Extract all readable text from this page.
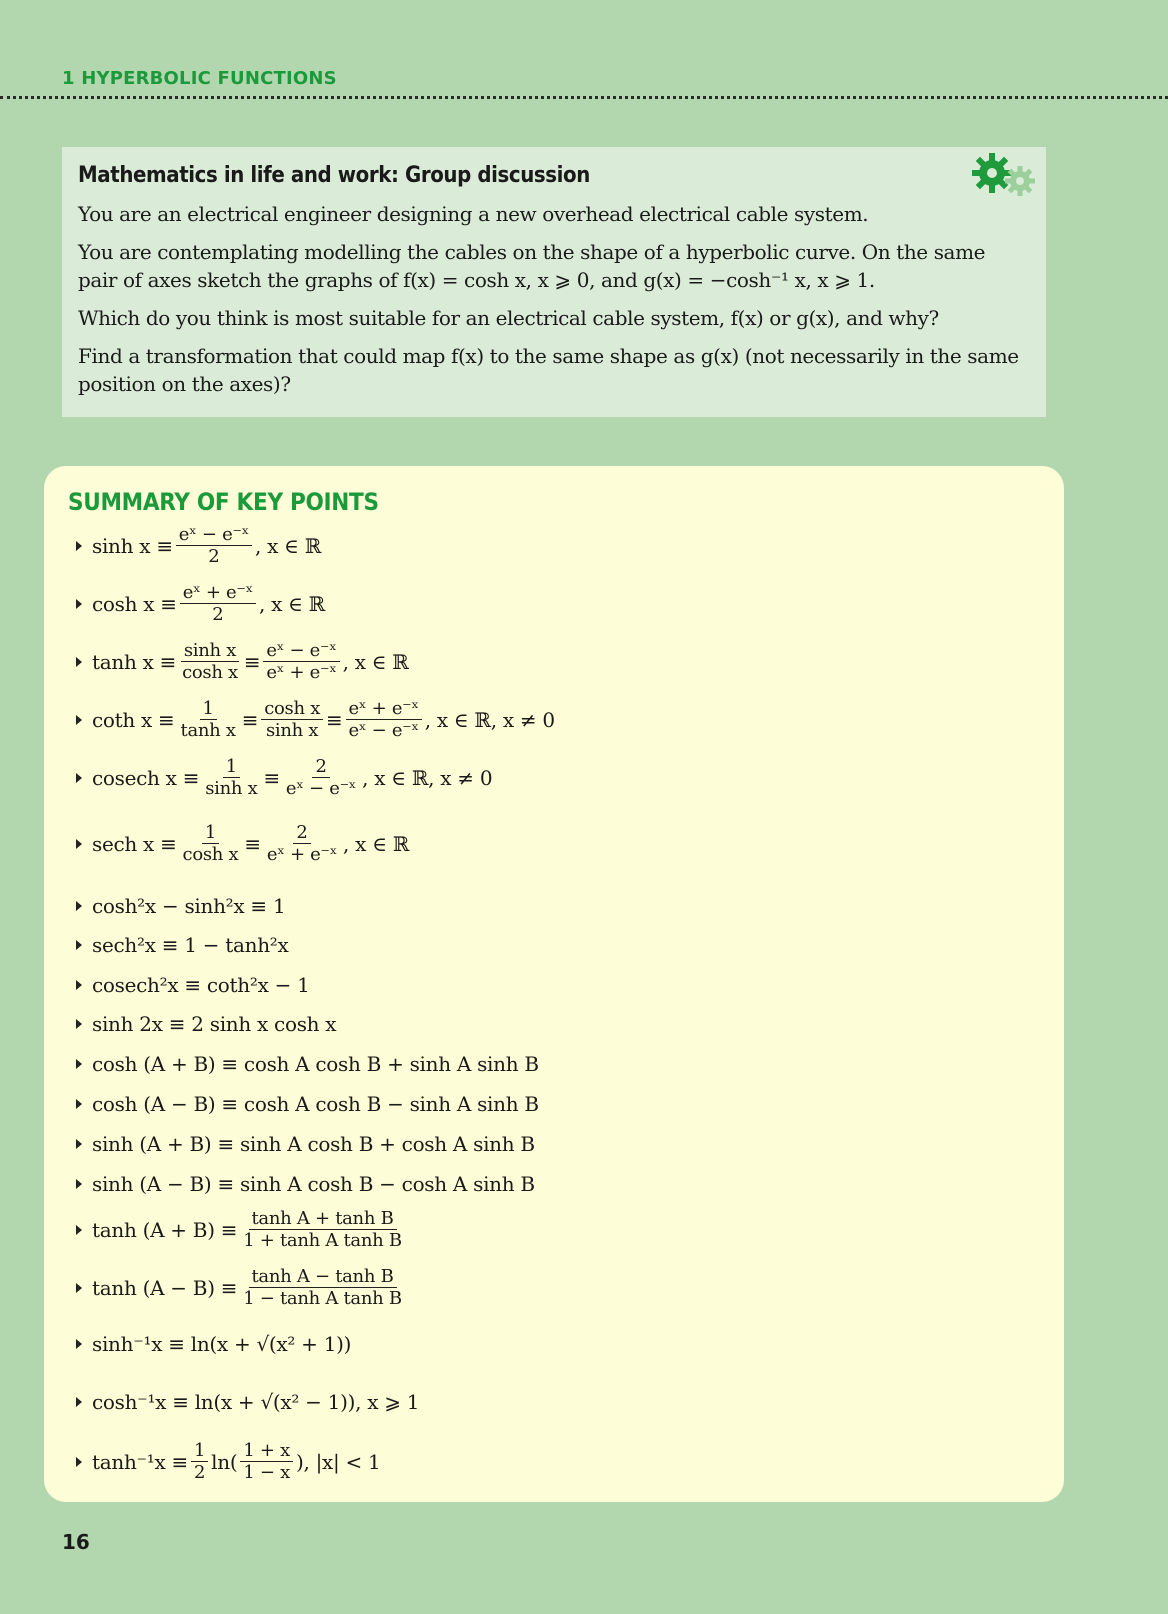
1 HYPERBOLIC FUNCTIONS
Mathematics in life and work: Group discussion

You are an electrical engineer designing a new overhead electrical cable system.

You are contemplating modelling the cables on the shape of a hyperbolic curve. On the same pair of axes sketch the graphs of f(x) = cosh x, x ⩾ 0, and g(x) = −cosh⁻¹ x, x ⩾ 1.

Which do you think is most suitable for an electrical cable system, f(x) or g(x), and why?

Find a transformation that could map f(x) to the same shape as g(x) (not necessarily in the same position on the axes)?

SUMMARY OF KEY POINTS
$\sinh x \equiv \frac{\text{eˣ − e⁻ˣ}}{2}$ , x ∈ ℝ
$\cosh x \equiv \frac{\text{eˣ + e⁻ˣ}}{2}$ , x ∈ ℝ
$\tanh x \equiv \frac{\text{sinh x}}{\text{cosh x}} \equiv \frac{\text{eˣ − e⁻ˣ}}{\text{eˣ + e⁻ˣ}}$ , x ∈ ℝ
coth $x \equiv \frac{1}{\text{tanh x}} \equiv \frac{\text{cosh x}}{\text{sinh x}} \equiv \frac{\text{eˣ + e⁻ˣ}}{\text{eˣ − e⁻ˣ}}$ , x ∈ ℝ, x ≠ 0
cosech $x \equiv \frac{1}{\text{sinh x}} \equiv \frac{2}{\text{eˣ − e⁻ˣ}}$ , x ∈ ℝ, x ≠ 0
sech $x \equiv \frac{1}{\text{cosh x}} \equiv \frac{2}{\text{eˣ + e⁻ˣ}}$ , x ∈ ℝ
cosh²x − sinh²x ≡ 1
sech²x ≡ 1 − tanh²x
cosech²x ≡ coth²x − 1
sinh 2x ≡ 2 sinh x cosh x
cosh (A + B) ≡ cosh A cosh B + sinh A sinh B
cosh (A − B) ≡ cosh A cosh B − sinh A sinh B
sinh (A + B) ≡ sinh A cosh B + cosh A sinh B
sinh (A − B) ≡ sinh A cosh B − cosh A sinh B
$\tanh (A + B) \equiv \frac{\text{tanh A + tanh B}}{\text{1 + tanh A tanh B}}$
$\tanh (A - B) \equiv \frac{\text{tanh A − tanh B}}{\text{1 − tanh A tanh B}}$
sinh⁻¹x ≡ ln(x + √(x² + 1))
cosh⁻¹x ≡ ln(x + √(x² − 1)), x ⩾ 1
$\tanh^{-1}x \equiv \frac{1}{2} \ln( \frac{1 + x}{1 - x}$ ), |x| < 1
16
